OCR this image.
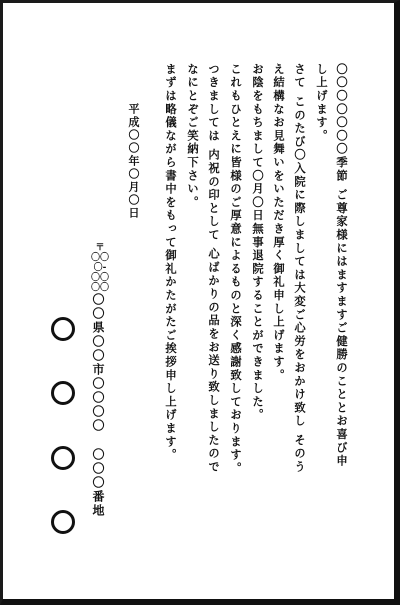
〇〇〇〇〇〇〇季節 ご尊家様にはますますご健勝のこととお喜び申
し上げます。
さて このたび〇入院に際しましては大変ご心労をおかけ致し そのう
え結構なお見舞いをいただき厚く御礼申し上げます。
お陰をもちまして〇月〇日無事退院することができました。
これもひとえに皆様のご厚意によるものと深く感謝致しております。
つきましては 内祝の印として 心ばかりの品をお送り致しましたので
なにとぞご笑納下さい。
まずは略儀ながら書中をもって御礼かたがたご挨拶申し上げます。
平成〇〇年〇月〇日
〒
〇〇〇-
〇〇〇〇
〇〇県〇〇市〇〇〇〇
〇〇〇番地
